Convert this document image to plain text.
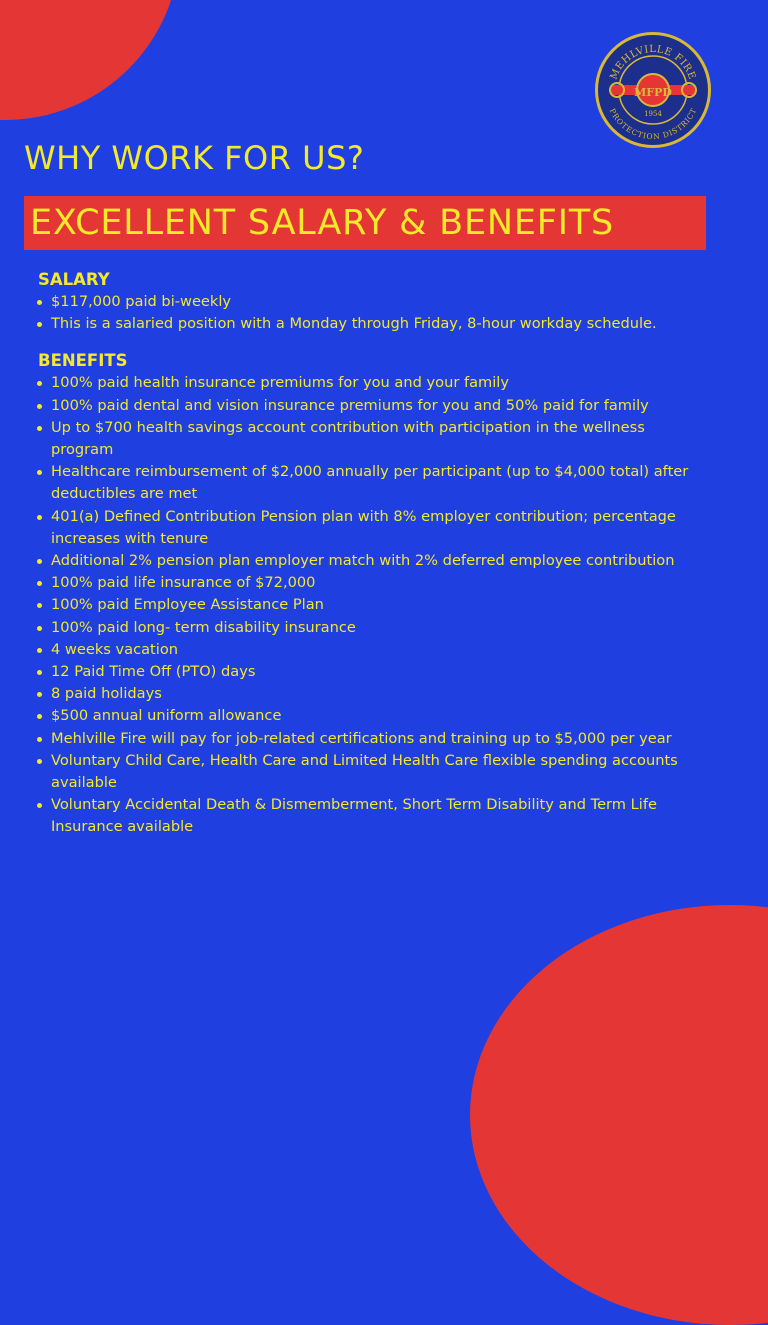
MEHLVILLE FIRE
PROTECTION DISTRICT
MFPD
1954
WHY WORK FOR US?
EXCELLENT SALARY & BENEFITS
SALARY
$117,000 paid bi-weekly
This is a salaried position with a Monday through Friday, 8-hour workday schedule.
BENEFITS
100% paid health insurance premiums for you and your family
100% paid dental and vision insurance premiums for you and 50% paid for family
Up to $700 health savings account contribution with participation in the wellness program
Healthcare reimbursement of $2,000 annually per participant (up to $4,000 total) after deductibles are met
401(a) Defined Contribution Pension plan with 8% employer contribution; percentage increases with tenure
Additional 2% pension plan employer match with 2% deferred employee contribution
100% paid life insurance of $72,000
100% paid Employee Assistance Plan
100% paid long- term disability insurance
4 weeks vacation
12 Paid Time Off (PTO) days
8 paid holidays
$500 annual uniform allowance
Mehlville Fire will pay for job-related certifications and training up to $5,000 per year
Voluntary Child Care, Health Care and Limited Health Care flexible spending accounts available
Voluntary Accidental Death & Dismemberment, Short Term Disability and Term Life Insurance available
